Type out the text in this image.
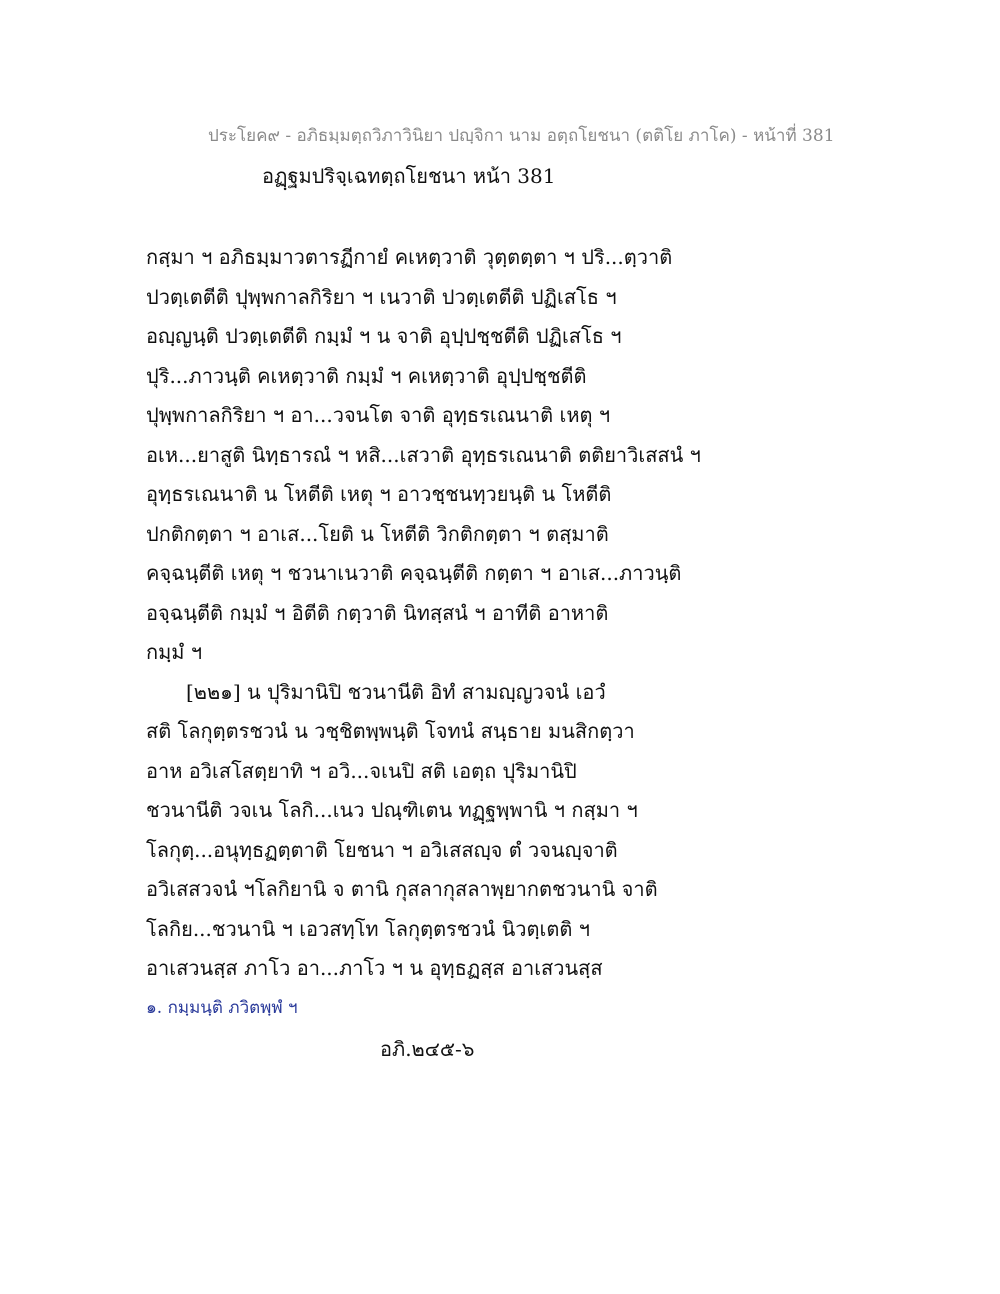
ประโยค๙ - อภิธมฺมตฺถวิภาวินิยา ปญฺจิกา นาม อตฺถโยชนา (ตติโย ภาโค) - หน้าที่ 381
อฏฺฐมปริจฺเฉทตฺถโยชนา หน้า 381
กสฺมา ฯ อภิธมฺมาวตารฏีกายํ คเหตฺวาติ วุตฺตตฺตา ฯ ปริ...ตฺวาติ
ปวตฺเตตีติ ปุพฺพกาลกิริยา ฯ เนวาติ ปวตฺเตตีติ ปฏิเสโธ ฯ
อญฺญนฺติ ปวตฺเตตีติ กมฺมํ ฯ น จาติ อุปฺปชฺชตีติ ปฏิเสโธ ฯ
ปุริ...ภาวนฺติ คเหตฺวาติ กมฺมํ ฯ คเหตฺวาติ อุปฺปชฺชตีติ
ปุพฺพกาลกิริยา ฯ อา...วจนโต จาติ อุทฺธรเณนาติ เหตุ ฯ
อเห...ยาสูติ นิทฺธารณํ ฯ หสิ...เสวาติ อุทฺธรเณนาติ ตติยาวิเสสนํ ฯ
อุทฺธรเณนาติ น โหตีติ เหตุ ฯ อาวชฺชนทฺวยนฺติ น โหตีติ
ปกติกตฺตา ฯ อาเส...โยติ น โหตีติ วิกติกตฺตา ฯ ตสฺมาติ
คจฺฉนฺตีติ เหตุ ฯ ชวนาเนวาติ คจฺฉนฺตีติ กตฺตา ฯ อาเส...ภาวนฺติ
อจฺฉนฺตีติ กมฺมํ ฯ อิตีติ กตฺวาติ นิทสฺสนํ ฯ อาทีติ อาหาติ
กมฺมํ ฯ
[๒๒๑] น ปุริมานิปิ ชวนานีติ อิทํ สามญฺญวจนํ เอวํ
สติ โลกุตฺตรชวนํ น วชฺชิตพฺพนฺติ โจทนํ สนฺธาย มนสิกตฺวา
อาห อวิเสโสตฺยาทิ ฯ อวิ...จเนปิ สติ เอตฺถ ปุริมานิปิ
ชวนานีติ วจเน โลกิ...เนว ปณฺฑิเตน ทฏฺฐพฺพานิ ฯ กสฺมา ฯ
โลกุตฺ...อนุทฺธฏตฺตาติ โยชนา ฯ อวิเสสญฺจ ตํ วจนญฺจาติ
อวิเสสวจนํ ฯโลกิยานิ จ ตานิ กุสลากุสลาพฺยากตชวนานิ จาติ
โลกิย...ชวนานิ ฯ เอวสทฺโท โลกุตฺตรชวนํ นิวตฺเตติ ฯ
อาเสวนสฺส ภาโว อา...ภาโว ฯ น อุทฺธฏสฺส อาเสวนสฺส
๑. กมฺมนฺติ ภวิตพฺพํ ฯ
อภิ.๒๔๕-๖
